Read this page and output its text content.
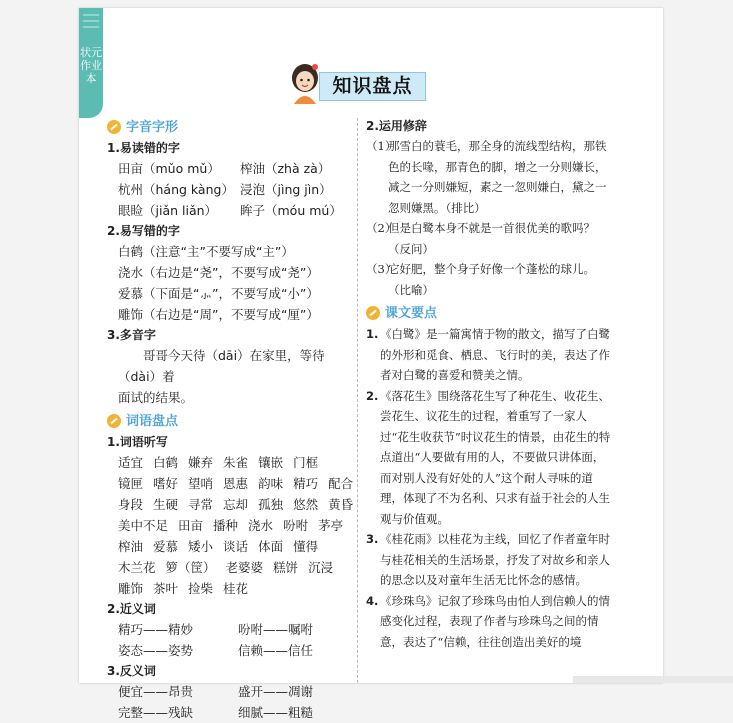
状元作业本	知识盘点
字音字形
1.易读错的字
田亩（mǔo mǔ）	榨油（zhà zà）
杭州（háng kàng） 浸泡（jìng jìn）
眼睑（jiǎn liǎn）	眸子（móu mú）
2.易写错的字
白鹤（注意“主”不要写成“主”）
浇水（右边是“尧”，不要写成“尧”）
爱慕（下面是“⺗”，不要写成“小”）
雕饰（右边是“周”，不要写成“厘”）
3.多音字
哥哥今天待（dāi）在家里，等待（dài）着
面试的结果。
词语盘点
1.词语听写
适宜 白鹤 嫌弃 朱雀 镶嵌 门框
镜匣 嗜好 望哨 恩惠 韵味 精巧 配合
身段 生硬 寻常 忘却 孤独 悠然 黄昏
美中不足 田亩 播种 浇水 吩咐 茅亭
榨油 爱慕 矮小 谈话 体面 懂得
木兰花 箩（筐） 老婆婆 糕饼 沉浸
雕饰 茶叶 捡柴 桂花
2.近义词
精巧——精妙	吩咐——嘱咐
姿态——姿势	信赖——信任
3.反义词
便宜——昂贵	盛开——凋谢
完整——残缺	细腻——粗糙
2.运用修辞
（1）
那雪白的蓑毛，那全身的流线型结构，那铁色的长喙，那青色的脚，增之一分则嫌长，减之一分则嫌短，素之一忽则嫌白，黛之一忽则嫌黑。（排比）
（2）
但是白鹭本身不就是一首很优美的歌吗？（反问）
（3）
它好肥，整个身子好像一个蓬松的球儿。（比喻）
课文要点
1. 《白鹭》是一篇寓情于物的散文，描写了白鹭的外形和觅食、栖息、飞行时的美，表达了作者对白鹭的喜爱和赞美之情。
2. 《落花生》围绕落花生写了种花生、收花生、尝花生、议花生的过程，着重写了一家人过“花生收获节”时议花生的情景，由花生的特点道出“人要做有用的人，不要做只讲体面，而对别人没有好处的人”这个耐人寻味的道理，体现了不为名利、只求有益于社会的人生观与价值观。
3. 《桂花雨》以桂花为主线，回忆了作者童年时与桂花相关的生活场景，抒发了对故乡和亲人的思念以及对童年生活无比怀念的感情。
4. 《珍珠鸟》记叙了珍珠鸟由怕人到信赖人的情感变化过程，表现了作者与珍珠鸟之间的情意，表达了“信赖，往往创造出美好的境
